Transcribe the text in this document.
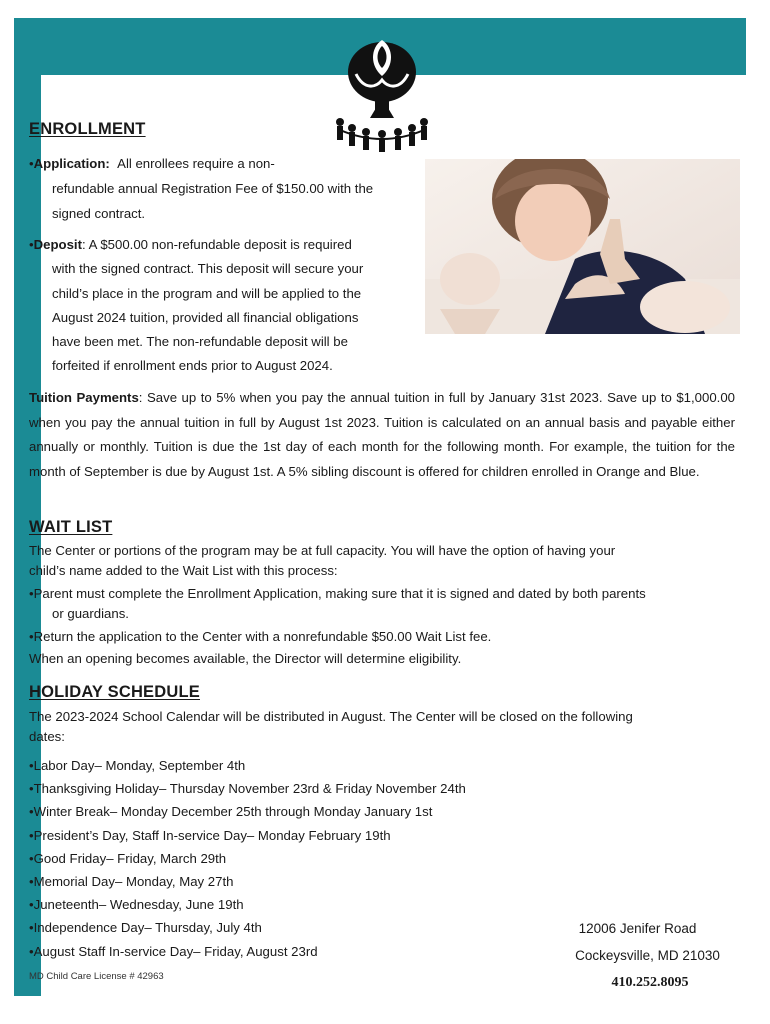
ENROLLMENT

•Application: All enrollees require a non-

refundable annual Registration Fee of $150.00 with the

signed contract.

•Deposit: A $500.00 non-refundable deposit is required

with the signed contract. This deposit will secure your

child’s place in the program and will be applied to the

August 2024 tuition, provided all financial obligations

have been met. The non-refundable deposit will be

forfeited if enrollment ends prior to August 2024.

Tuition Payments: Save up to 5% when you pay the annual tuition in full by January 31st 2023. Save up to $1,000.00 when you pay the annual tuition in full by August 1st 2023. Tuition is calculated on an annual basis and payable either annually or monthly. Tuition is due the 1st day of each month for the following month. For example, the tuition for the month of September is due by August 1st. A 5% sibling discount is offered for children enrolled in Orange and Blue.

WAIT LIST

The Center or portions of the program may be at full capacity. You will have the option of having your

child’s name added to the Wait List with this process:

•Parent must complete the Enrollment Application, making sure that it is signed and dated by both parents

or guardians.

•Return the application to the Center with a nonrefundable $50.00 Wait List fee.

When an opening becomes available, the Director will determine eligibility.

HOLIDAY SCHEDULE

The 2023-2024 School Calendar will be distributed in August. The Center will be closed on the following

dates:

•Labor Day– Monday, September 4th

•Thanksgiving Holiday– Thursday November 23rd & Friday November 24th

•Winter Break– Monday December 25th through Monday January 1st

•President’s Day, Staff In-service Day– Monday February 19th

•Good Friday– Friday, March 29th

•Memorial Day– Monday, May 27th

•Juneteenth– Wednesday, June 19th

•Independence Day– Thursday, July 4th

•August Staff In-service Day– Friday, August 23rd

MD Child Care License # 42963

12006 Jenifer Road
Cockeysville, MD 21030
410.252.8095
